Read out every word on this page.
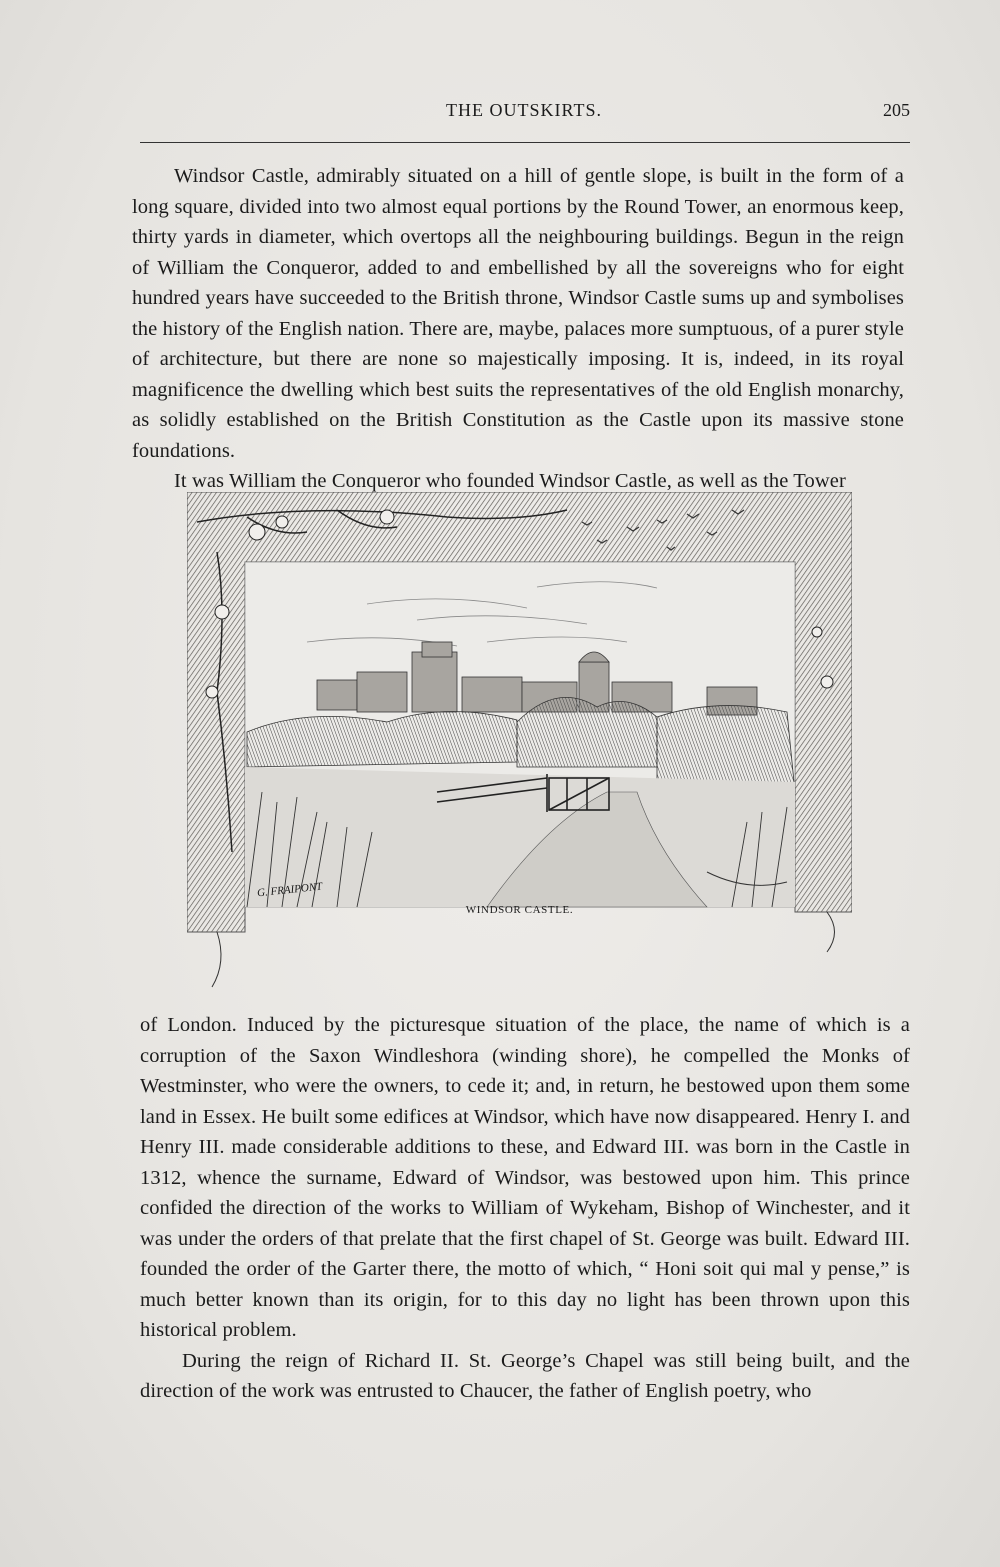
THE OUTSKIRTS.	205

Windsor Castle, admirably situated on a hill of gentle slope, is built in the form of a long square, divided into two almost equal portions by the Round Tower, an enormous keep, thirty yards in diameter, which overtops all the neighbouring buildings. Begun in the reign of William the Conqueror, added to and embellished by all the sovereigns who for eight hundred years have succeeded to the British throne, Windsor Castle sums up and symbolises the history of the English nation. There are, maybe, palaces more sumptuous, of a purer style of architecture, but there are none so majestically imposing. It is, indeed, in its royal magnificence the dwelling which best suits the representatives of the old English monarchy, as solidly established on the British Constitution as the Castle upon its massive stone foundations.

It was William the Conqueror who founded Windsor Castle, as well as the Tower

G. FRAIPONT
WINDSOR CASTLE.

of London. Induced by the picturesque situation of the place, the name of which is a corruption of the Saxon Windleshora (winding shore), he compelled the Monks of Westminster, who were the owners, to cede it; and, in return, he bestowed upon them some land in Essex. He built some edifices at Windsor, which have now disappeared. Henry I. and Henry III. made considerable additions to these, and Edward III. was born in the Castle in 1312, whence the surname, Edward of Windsor, was bestowed upon him. This prince confided the direction of the works to William of Wykeham, Bishop of Winchester, and it was under the orders of that prelate that the first chapel of St. George was built. Edward III. founded the order of the Garter there, the motto of which, “ Honi soit qui mal y pense,” is much better known than its origin, for to this day no light has been thrown upon this historical problem.

During the reign of Richard II. St. George’s Chapel was still being built, and the direction of the work was entrusted to Chaucer, the father of English poetry, who
